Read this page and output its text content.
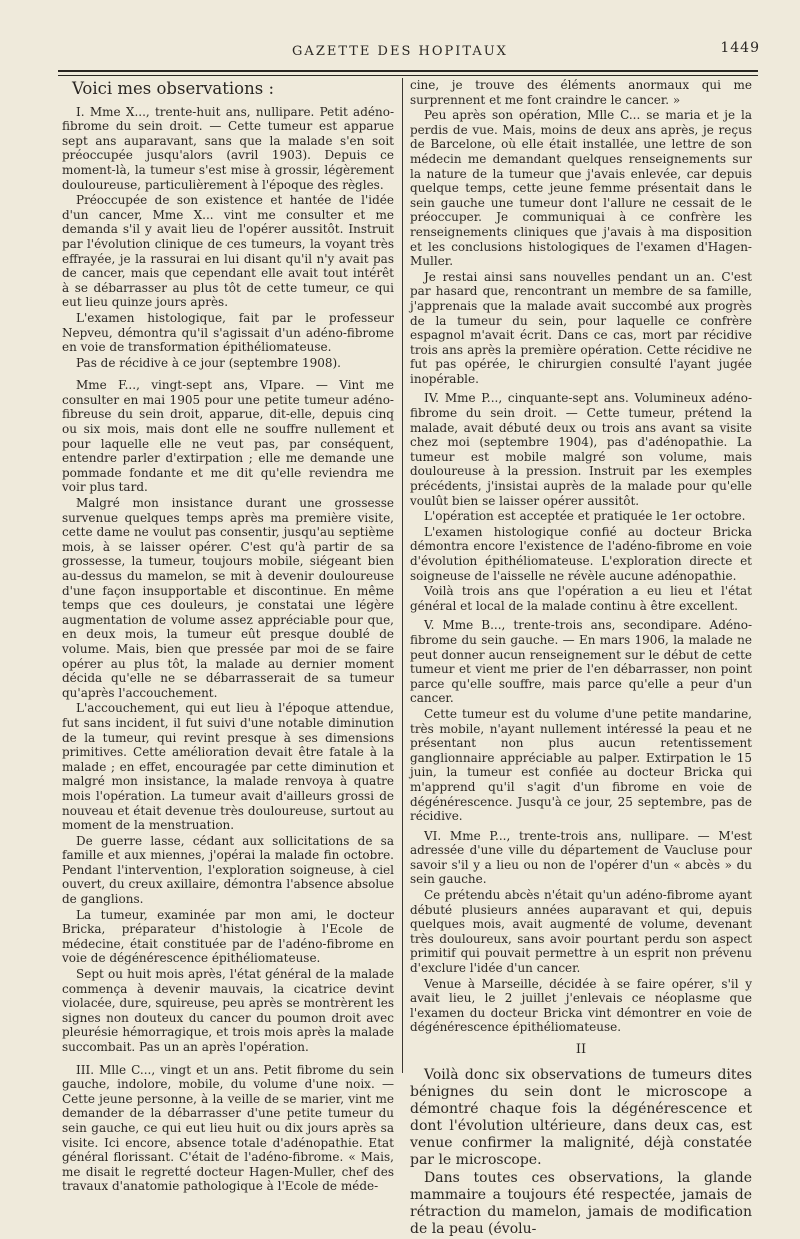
GAZETTE DES HOPITAUX	1449
Voici mes observations :

I. Mme X..., trente-huit ans, nullipare. Petit adéno-fibrome du sein droit. — Cette tumeur est apparue sept ans auparavant, sans que la malade s'en soit préoccupée jusqu'alors (avril 1903). Depuis ce moment-là, la tumeur s'est mise à grossir, légèrement douloureuse, particulièrement à l'époque des règles.

Préoccupée de son existence et hantée de l'idée d'un cancer, Mme X... vint me consulter et me demanda s'il y avait lieu de l'opérer aussitôt. Instruit par l'évolution clinique de ces tumeurs, la voyant très effrayée, je la rassurai en lui disant qu'il n'y avait pas de cancer, mais que cependant elle avait tout intérêt à se débarrasser au plus tôt de cette tumeur, ce qui eut lieu quinze jours après.

L'examen histologique, fait par le professeur Nepveu, démontra qu'il s'agissait d'un adéno-fibrome en voie de transformation épithéliomateuse.

Pas de récidive à ce jour (septembre 1908).

Mme F..., vingt-sept ans, VIpare. — Vint me consulter en mai 1905 pour une petite tumeur adéno-fibreuse du sein droit, apparue, dit-elle, depuis cinq ou six mois, mais dont elle ne souffre nullement et pour laquelle elle ne veut pas, par conséquent, entendre parler d'extirpation ; elle me demande une pommade fondante et me dit qu'elle reviendra me voir plus tard.

Malgré mon insistance durant une grossesse survenue quelques temps après ma première visite, cette dame ne voulut pas consentir, jusqu'au septième mois, à se laisser opérer. C'est qu'à partir de sa grossesse, la tumeur, toujours mobile, siégeant bien au-dessus du mamelon, se mit à devenir douloureuse d'une façon insupportable et discontinue. En même temps que ces douleurs, je constatai une légère augmentation de volume assez appréciable pour que, en deux mois, la tumeur eût presque doublé de volume. Mais, bien que pressée par moi de se faire opérer au plus tôt, la malade au dernier moment décida qu'elle ne se débarrasserait de sa tumeur qu'après l'accouchement.

L'accouchement, qui eut lieu à l'époque attendue, fut sans incident, il fut suivi d'une notable diminution de la tumeur, qui revint presque à ses dimensions primitives. Cette amélioration devait être fatale à la malade ; en effet, encouragée par cette diminution et malgré mon insistance, la malade renvoya à quatre mois l'opération. La tumeur avait d'ailleurs grossi de nouveau et était devenue très douloureuse, surtout au moment de la menstruation.

De guerre lasse, cédant aux sollicitations de sa famille et aux miennes, j'opérai la malade fin octobre. Pendant l'intervention, l'exploration soigneuse, à ciel ouvert, du creux axillaire, démontra l'absence absolue de ganglions.

La tumeur, examinée par mon ami, le docteur Bricka, préparateur d'histologie à l'Ecole de médecine, était constituée par de l'adéno-fibrome en voie de dégénérescence épithéliomateuse.

Sept ou huit mois après, l'état général de la malade commença à devenir mauvais, la cicatrice devint violacée, dure, squireuse, peu après se montrèrent les signes non douteux du cancer du poumon droit avec pleurésie hémorragique, et trois mois après la malade succombait. Pas un an après l'opération.

III. Mlle C..., vingt et un ans. Petit fibrome du sein gauche, indolore, mobile, du volume d'une noix. — Cette jeune personne, à la veille de se marier, vint me demander de la débarrasser d'une petite tumeur du sein gauche, ce qui eut lieu huit ou dix jours après sa visite. Ici encore, absence totale d'adénopathie. Etat général florissant. C'était de l'adéno-fibrome. « Mais, me disait le regretté docteur Hagen-Muller, chef des travaux d'anatomie pathologique à l'Ecole de méde-

cine, je trouve des éléments anormaux qui me surprennent et me font craindre le cancer. »

Peu après son opération, Mlle C... se maria et je la perdis de vue. Mais, moins de deux ans après, je reçus de Barcelone, où elle était installée, une lettre de son médecin me demandant quelques renseignements sur la nature de la tumeur que j'avais enlevée, car depuis quelque temps, cette jeune femme présentait dans le sein gauche une tumeur dont l'allure ne cessait de le préoccuper. Je communiquai à ce confrère les renseignements cliniques que j'avais à ma disposition et les conclusions histologiques de l'examen d'Hagen-Muller.

Je restai ainsi sans nouvelles pendant un an. C'est par hasard que, rencontrant un membre de sa famille, j'apprenais que la malade avait succombé aux progrès de la tumeur du sein, pour laquelle ce confrère espagnol m'avait écrit. Dans ce cas, mort par récidive trois ans après la première opération. Cette récidive ne fut pas opérée, le chirurgien consulté l'ayant jugée inopérable.

IV. Mme P..., cinquante-sept ans. Volumineux adéno-fibrome du sein droit. — Cette tumeur, prétend la malade, avait débuté deux ou trois ans avant sa visite chez moi (septembre 1904), pas d'adénopathie. La tumeur est mobile malgré son volume, mais douloureuse à la pression. Instruit par les exemples précédents, j'insistai auprès de la malade pour qu'elle voulût bien se laisser opérer aussitôt.

L'opération est acceptée et pratiquée le 1er octobre.

L'examen histologique confié au docteur Bricka démontra encore l'existence de l'adéno-fibrome en voie d'évolution épithéliomateuse. L'exploration directe et soigneuse de l'aisselle ne révèle aucune adénopathie.

Voilà trois ans que l'opération a eu lieu et l'état général et local de la malade continu à être excellent.

V. Mme B..., trente-trois ans, secondipare. Adéno-fibrome du sein gauche. — En mars 1906, la malade ne peut donner aucun renseignement sur le début de cette tumeur et vient me prier de l'en débarrasser, non point parce qu'elle souffre, mais parce qu'elle a peur d'un cancer.

Cette tumeur est du volume d'une petite mandarine, très mobile, n'ayant nullement intéressé la peau et ne présentant non plus aucun retentissement ganglionnaire appréciable au palper. Extirpation le 15 juin, la tumeur est confiée au docteur Bricka qui m'apprend qu'il s'agit d'un fibrome en voie de dégénérescence. Jusqu'à ce jour, 25 septembre, pas de récidive.

VI. Mme P..., trente-trois ans, nullipare. — M'est adressée d'une ville du département de Vaucluse pour savoir s'il y a lieu ou non de l'opérer d'un « abcès » du sein gauche.

Ce prétendu abcès n'était qu'un adéno-fibrome ayant débuté plusieurs années auparavant et qui, depuis quelques mois, avait augmenté de volume, devenant très douloureux, sans avoir pourtant perdu son aspect primitif qui pouvait permettre à un esprit non prévenu d'exclure l'idée d'un cancer.

Venue à Marseille, décidée à se faire opérer, s'il y avait lieu, le 2 juillet j'enlevais ce néoplasme que l'examen du docteur Bricka vint démontrer en voie de dégénérescence épithéliomateuse.

II

Voilà donc six observations de tumeurs dites bénignes du sein dont le microscope a démontré chaque fois la dégénérescence et dont l'évolution ultérieure, dans deux cas, est venue confirmer la malignité, déjà constatée par le microscope.

Dans toutes ces observations, la glande mammaire a toujours été respectée, jamais de rétraction du mamelon, jamais de modification de la peau (évolu-
